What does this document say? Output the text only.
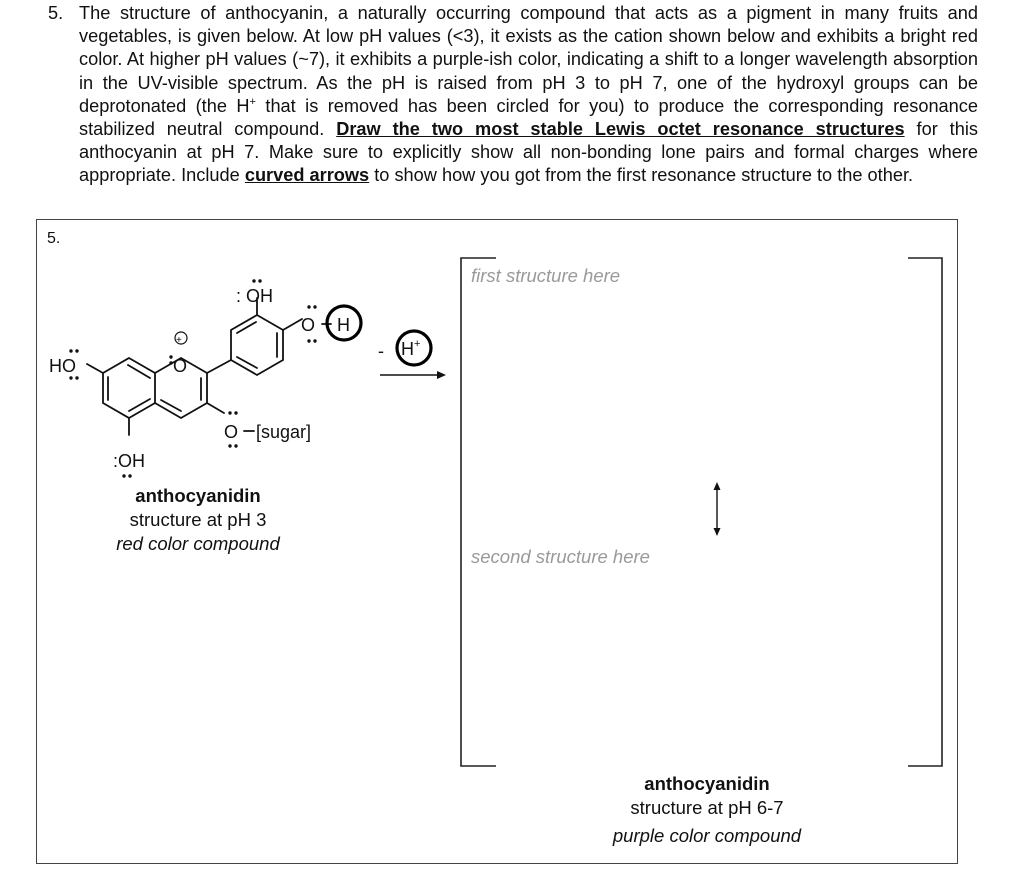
5. The structure of anthocyanin, a naturally occurring compound that acts as a pigment in many fruits and vegetables, is given below. At low pH values (<3), it exists as the cation shown below and exhibits a bright red color. At higher pH values (~7), it exhibits a purple-ish color, indicating a shift to a longer wavelength absorption in the UV-visible spectrum. As the pH is raised from pH 3 to pH 7, one of the hydroxyl groups can be deprotonated (the H+ that is removed has been circled for you) to produce the corresponding resonance stabilized neutral compound. Draw the two most stable Lewis octet resonance structures for this anthocyanin at pH 7. Make sure to explicitly show all non-bonding lone pairs and formal charges where appropriate. Include curved arrows to show how you got from the first resonance structure to the other.
5.
HO	O
+
: OH
O H
O [sugar]
:OH
- H +
anthocyanidin
structure at pH 3
red color compound
first structure here
second structure here
anthocyanidin
structure at pH 6-7
purple color compound
